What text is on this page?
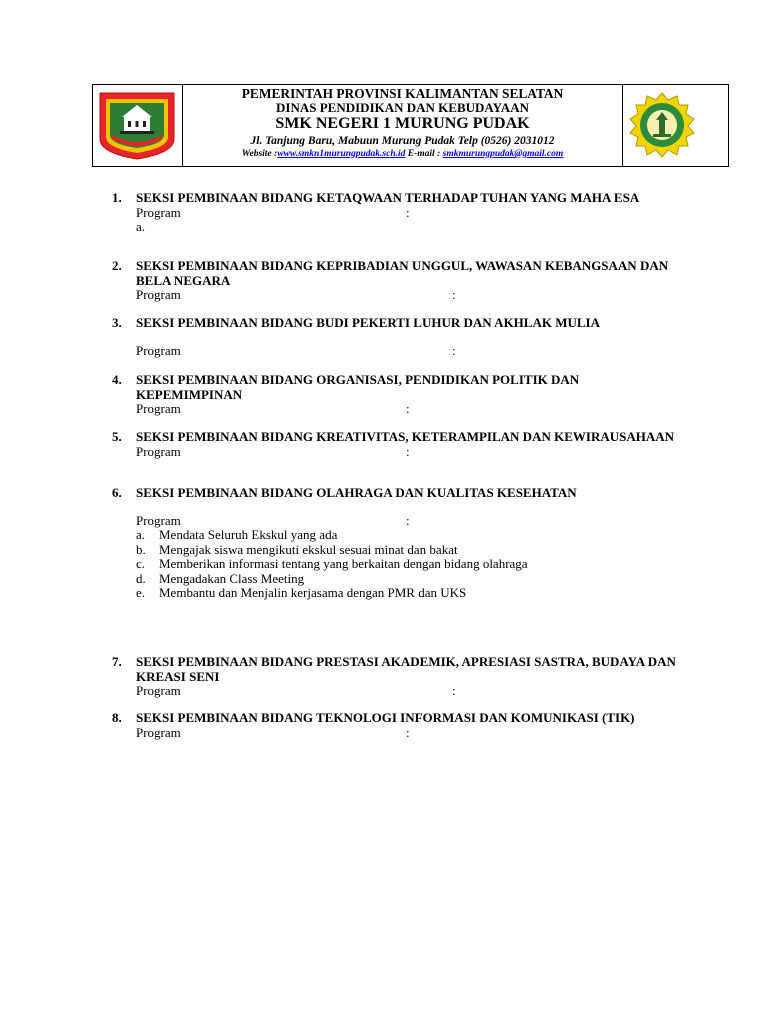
PEMERINTAH PROVINSI KALIMANTAN SELATAN
DINAS PENDIDIKAN DAN KEBUDAYAAN
SMK NEGERI 1 MURUNG PUDAK
Jl. Tanjung Baru, Mabuun Murung Pudak Telp (0526) 2031012
Website :www.smkn1murungpudak.sch.id E-mail : smkmurungpudak@gmail.com
1. SEKSI PEMBINAAN BIDANG KETAQWAAN TERHADAP TUHAN YANG MAHA ESA
Program	:
a.
2. SEKSI PEMBINAAN BIDANG KEPRIBADIAN UNGGUL, WAWASAN KEBANGSAAN DAN BELA NEGARA
Program	:
3. SEKSI PEMBINAAN BIDANG BUDI PEKERTI LUHUR DAN AKHLAK MULIA
Program	:
4. SEKSI PEMBINAAN BIDANG ORGANISASI, PENDIDIKAN POLITIK DAN KEPEMIMPINAN
Program	:
5. SEKSI PEMBINAAN BIDANG KREATIVITAS, KETERAMPILAN DAN KEWIRAUSAHAAN
Program	:
6. SEKSI PEMBINAAN BIDANG OLAHRAGA DAN KUALITAS KESEHATAN
Program	:
a. Mendata Seluruh Ekskul yang ada
b. Mengajak siswa mengikuti ekskul sesuai minat dan bakat
c. Memberikan informasi tentang yang berkaitan dengan bidang olahraga
d. Mengadakan Class Meeting
e. Membantu dan Menjalin kerjasama dengan PMR dan UKS
7. SEKSI PEMBINAAN BIDANG PRESTASI AKADEMIK, APRESIASI SASTRA, BUDAYA DAN KREASI SENI
Program	:
8. SEKSI PEMBINAAN BIDANG TEKNOLOGI INFORMASI DAN KOMUNIKASI (TIK)
Program	:
